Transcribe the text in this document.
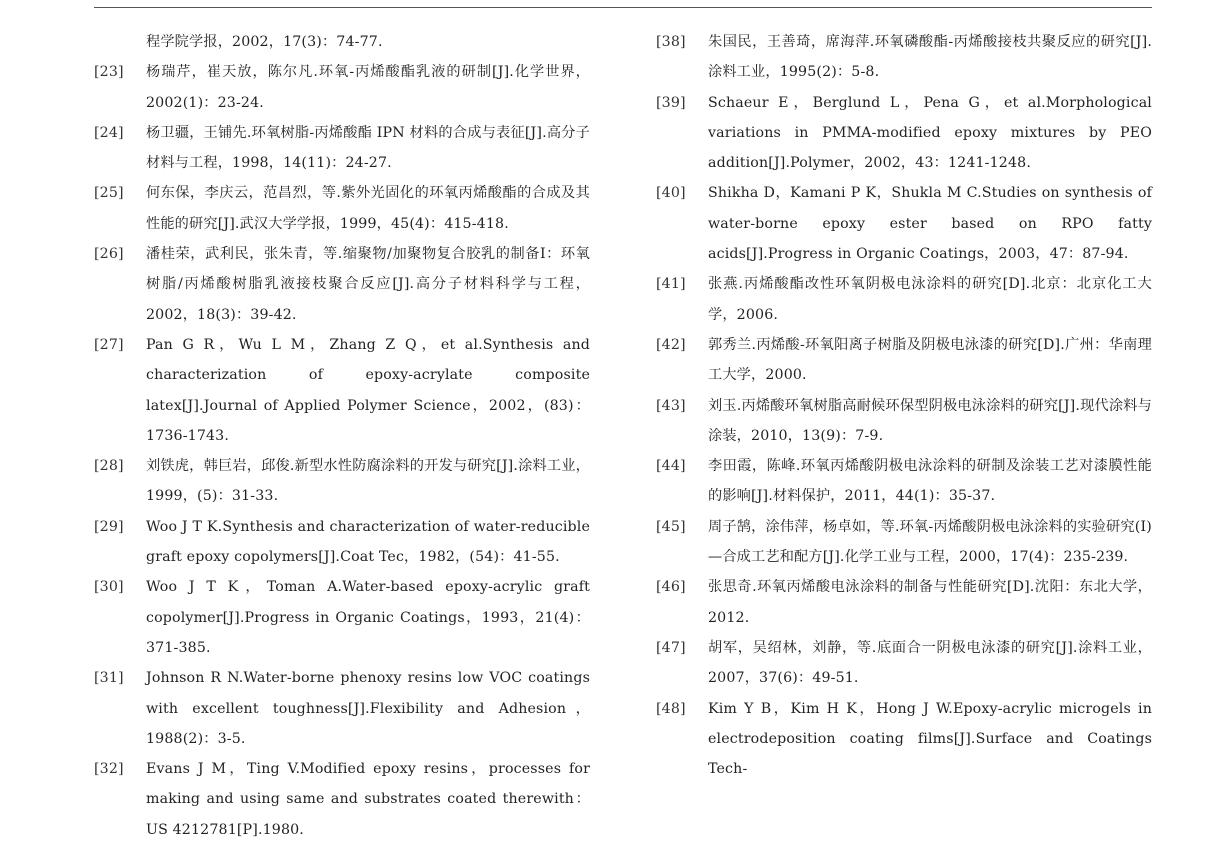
程学院学报，2002，17(3)：74-77.
[23] 杨瑞芹，崔天放，陈尔凡.环氧-丙烯酸酯乳液的研制[J].化学世界，2002(1)：23-24.
[24] 杨卫疆，王铺先.环氧树脂-丙烯酸酯 IPN 材料的合成与表征[J].高分子材料与工程，1998，14(11)：24-27.
[25] 何东保，李庆云，范昌烈，等.紫外光固化的环氧丙烯酸酯的合成及其性能的研究[J].武汉大学学报，1999，45(4)：415-418.
[26] 潘桂荣，武利民，张朱青，等.缩聚物/加聚物复合胶乳的制备Ⅰ：环氧树脂/丙烯酸树脂乳液接枝聚合反应[J].高分子材料科学与工程，2002，18(3)：39-42.
[27] Pan G R，Wu L M，Zhang Z Q，et al.Synthesis and characterization of epoxy-acrylate composite latex[J].Journal of Applied Polymer Science，2002，(83)：1736-1743.
[28] 刘铁虎，韩巨岩，邱俊.新型水性防腐涂料的开发与研究[J].涂料工业，1999，(5)：31-33.
[29] Woo J T K.Synthesis and characterization of water-reducible graft epoxy copolymers[J].Coat Tec，1982，(54)：41-55.
[30] Woo J T K，Toman A.Water-based epoxy-acrylic graft copolymer[J].Progress in Organic Coatings，1993，21(4)：371-385.
[31] Johnson R N.Water-borne phenoxy resins low VOC coatings with excellent toughness[J].Flexibility and Adhesion，1988(2)：3-5.
[32] Evans J M，Ting V.Modified epoxy resins，processes for making and using same and substrates coated therewith：US 4212781[P].1980.
[38] 朱国民，王善琦，席海萍.环氧磷酸酯-丙烯酸接枝共聚反应的研究[J].涂料工业，1995(2)：5-8.
[39] Schaeur E，Berglund L，Pena G，et al.Morphological variations in PMMA-modified epoxy mixtures by PEO addition[J].Polymer，2002，43：1241-1248.
[40] Shikha D，Kamani P K，Shukla M C.Studies on synthesis of water-borne epoxy ester based on RPO fatty acids[J].Progress in Organic Coatings，2003，47：87-94.
[41] 张燕.丙烯酸酯改性环氧阴极电泳涂料的研究[D].北京：北京化工大学，2006.
[42] 郭秀兰.丙烯酸-环氧阳离子树脂及阴极电泳漆的研究[D].广州：华南理工大学，2000.
[43] 刘玉.丙烯酸环氧树脂高耐候环保型阴极电泳涂料的研究[J].现代涂料与涂装，2010，13(9)：7-9.
[44] 李田霞，陈峰.环氧丙烯酸阴极电泳涂料的研制及涂装工艺对漆膜性能的影响[J].材料保护，2011，44(1)：35-37.
[45] 周子鹄，涂伟萍，杨卓如，等.环氧-丙烯酸阴极电泳涂料的实验研究(Ⅰ)—合成工艺和配方[J].化学工业与工程，2000，17(4)：235-239.
[46] 张思奇.环氧丙烯酸电泳涂料的制备与性能研究[D].沈阳：东北大学，2012.
[47] 胡军，吴绍林，刘静，等.底面合一阴极电泳漆的研究[J].涂料工业，2007，37(6)：49-51.
[48] Kim Y B，Kim H K，Hong J W.Epoxy-acrylic microgels in electrodeposition coating films[J].Surface and Coatings Tech-
